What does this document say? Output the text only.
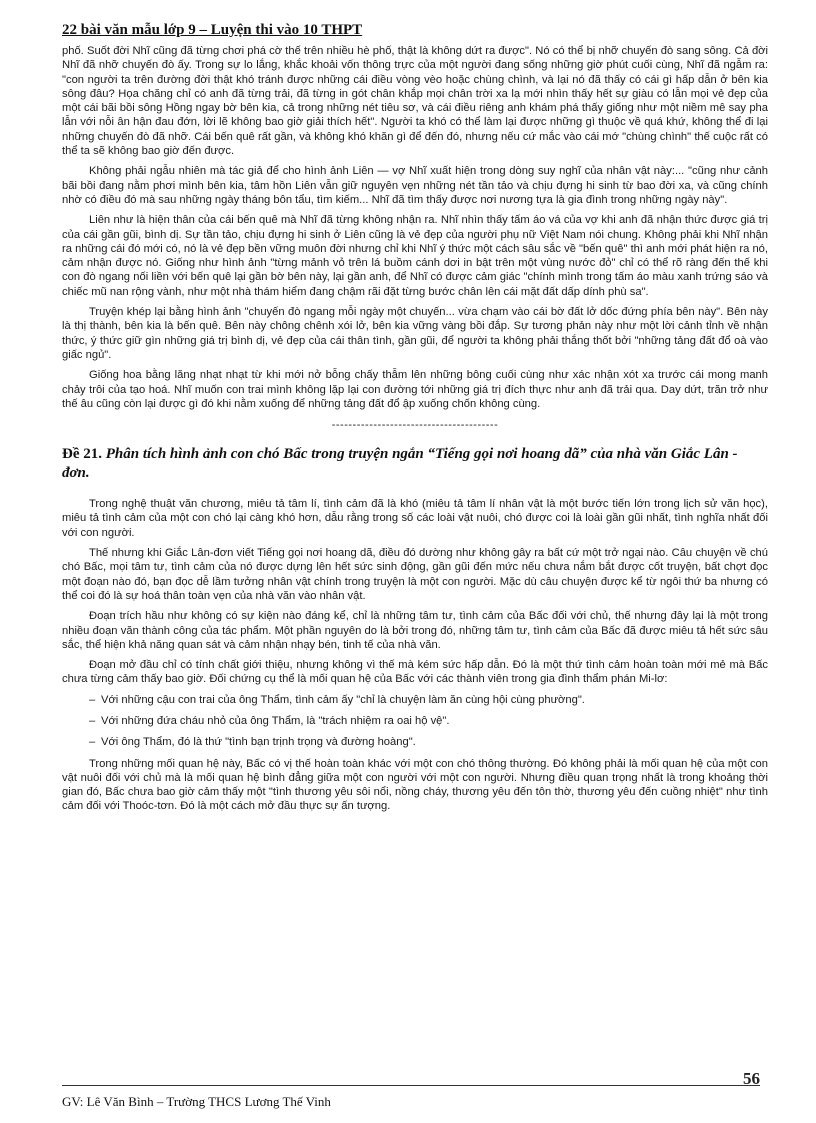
22 bài văn mẫu lớp 9 – Luyện thi vào 10 THPT

phố. Suốt đời Nhĩ cũng đã từng chơi phá cờ thế trên nhiều hè phố, thật là không dứt ra được". Nó có thể bị nhỡ chuyến đò sang sông. Cả đời Nhĩ đã nhỡ chuyến đò ấy. Trong sự lo lắng, khắc khoải vốn thông trực của một người đang sống những giờ phút cuối cùng, Nhĩ đã ngẫm ra: "con người ta trên đường đời thật khó tránh được những cái điều vòng vèo hoặc chùng chình, và lại nó đã thấy có cái gì hấp dẫn ở bên kia sông đâu? Họa chăng chỉ có anh đã từng trải, đã từng in gót chân khắp mọi chân trời xa lạ mới nhìn thấy hết sự giàu có lẫn mọi vẻ đẹp của một cái bãi bồi sông Hồng ngay bờ bên kia, cả trong những nét tiêu sơ, và cái điều riêng anh khám phá thấy giống như một niềm mê say pha lẫn với nỗi ân hận đau đớn, lời lẽ không bao giờ giải thích hết". Người ta khó có thể làm lại được những gì thuộc về quá khứ, không thể đi lại những chuyến đò đã nhỡ. Cái bến quê rất gần, và không khó khăn gì để đến đó, nhưng nếu cứ mắc vào cái mớ "chùng chình" thế cuộc rất có thể ta sẽ không bao giờ đến được.

Không phải ngẫu nhiên mà tác giả để cho hình ảnh Liên — vợ Nhĩ xuất hiện trong dòng suy nghĩ của nhân vật này:... "cũng như cảnh bãi bồi đang nằm phơi mình bên kia, tâm hồn Liên vẫn giữ nguyên vẹn những nét tần tảo và chịu đựng hi sinh từ bao đời xa, và cũng chính nhờ có điều đó mà sau những ngày tháng bôn tẩu, tìm kiếm... Nhĩ đã tìm thấy được nơi nương tựa là gia đình trong những ngày này".

Liên như là hiện thân của cái bến quê mà Nhĩ đã từng không nhận ra. Nhĩ nhìn thấy tấm áo vá của vợ khi anh đã nhận thức được giá trị của cái gần gũi, bình dị. Sự tần tảo, chịu đựng hi sinh ở Liên cũng là vẻ đẹp của người phụ nữ Việt Nam nói chung. Không phải khi Nhĩ nhận ra những cái đó mới có, nó là vẻ đẹp bền vững muôn đời nhưng chỉ khi Nhĩ ý thức một cách sâu sắc về "bến quê" thì anh mới phát hiện ra nó, cảm nhận được nó. Giống như hình ảnh "từng mảnh vỏ trên lá buồm cánh dơi in bật trên một vùng nước đỏ" chỉ có thể rõ ràng đến thế khi con đò ngang nối liền với bến quê lại gần bờ bên này, lại gần anh, để Nhĩ có được cảm giác "chính mình trong tấm áo màu xanh trứng sáo và chiếc mũ nan rộng vành, như một nhà thám hiểm đang chậm rãi đặt từng bước chân lên cái mặt đất dấp dính phù sa".

Truyện khép lại bằng hình ảnh "chuyến đò ngang mỗi ngày một chuyến... vừa chạm vào cái bờ đất lở dốc đứng phía bên này". Bên này là thị thành, bên kia là bến quê. Bên này chông chênh xói lở, bên kia vững vàng bồi đắp. Sự tương phản này như một lời cảnh tỉnh về nhận thức, ý thức giữ gìn những giá trị bình dị, vẻ đẹp của cái thân tình, gần gũi, để người ta không phải thắng thốt bởi "những tảng đất đổ oà vào giấc ngủ".

Giống hoa bằng lăng nhạt nhạt từ khi mới nở bỗng chấy thẫm lên những bông cuối cùng như xác nhận xót xa trước cái mong manh chảy trôi của tạo hoá. Nhĩ muốn con trai mình không lặp lại con đường tới những giá trị đích thực như anh đã trải qua. Day dứt, trăn trở như thế âu cũng còn lại được gì đó khi nằm xuống để những tảng đất đổ ập xuống chốn không cùng.

----------------------------------------
Đề 21. Phân tích hình ảnh con chó Bấc trong truyện ngắn “Tiếng gọi nơi hoang dã” của nhà văn Giắc Lân - đơn.

Trong nghệ thuật văn chương, miêu tả tâm lí, tình cảm đã là khó (miêu tả tâm lí nhân vật là một bước tiến lớn trong lịch sử văn học), miêu tả tình cảm của một con chó lại càng khó hơn, dẫu rằng trong số các loài vật nuôi, chó được coi là loài gần gũi nhất, tình nghĩa nhất đối với con người.

Thế nhưng khi Giắc Lân-đơn viết Tiếng gọi nơi hoang dã, điều đó dường như không gây ra bất cứ một trở ngại nào. Câu chuyện về chú chó Bấc, mọi tâm tư, tình cảm của nó được dựng lên hết sức sinh động, gần gũi đến mức nếu chưa nắm bắt được cốt truyện, bất chợt đọc một đoạn nào đó, bạn đọc dễ lầm tưởng nhân vật chính trong truyện là một con người. Mặc dù câu chuyện được kể từ ngôi thứ ba nhưng có thể coi đó là sự hoá thân toàn vẹn của nhà văn vào nhân vật.

Đoạn trích hầu như không có sự kiện nào đáng kể, chỉ là những tâm tư, tình cảm của Bấc đối với chủ, thế nhưng đây lại là một trong nhiều đoạn văn thành công của tác phẩm. Một phần nguyên do là bởi trong đó, những tâm tư, tình cảm của Bấc đã được miêu tả hết sức sâu sắc, thể hiện khả năng quan sát và cảm nhận nhạy bén, tinh tế của nhà văn.

Đoạn mở đầu chỉ có tính chất giới thiệu, nhưng không vì thế mà kém sức hấp dẫn. Đó là một thứ tình cảm hoàn toàn mới mẻ mà Bấc chưa từng cảm thấy bao giờ. Đối chứng cụ thể là mối quan hệ của Bấc với các thành viên trong gia đình thẩm phán Mi-lơ:

– Với những cậu con trai của ông Thẩm, tình cảm ấy "chỉ là chuyện làm ăn cùng hội cùng phường".
– Với những đứa cháu nhỏ của ông Thẩm, là "trách nhiệm ra oai hộ vệ".
– Với ông Thẩm, đó là thứ "tình bạn trịnh trọng và đường hoàng".

Trong những mối quan hệ này, Bấc có vị thế hoàn toàn khác với một con chó thông thường. Đó không phải là mối quan hệ của một con vật nuôi đối với chủ mà là mối quan hệ bình đẳng giữa một con người với một con người. Nhưng điều quan trọng nhất là trong khoảng thời gian đó, Bấc chưa bao giờ cảm thấy một "tình thương yêu sôi nổi, nồng cháy, thương yêu đến tôn thờ, thương yêu đến cuồng nhiệt" như tình cảm đối với Thoóc-tơn. Đó là một cách mở đầu thực sự ấn tượng.

56
GV: Lê Văn Bình – Trường THCS Lương Thế Vinh
